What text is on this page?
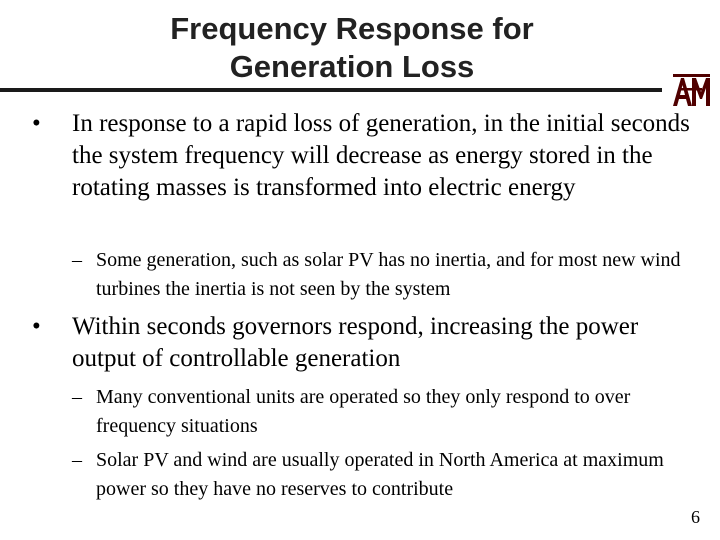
Frequency Response for
Generation Loss
•	In response to a rapid loss of generation, in the initial seconds the system frequency will decrease as energy stored in the rotating masses is transformed into electric energy
– Some generation, such as solar PV has no inertia, and for most new wind turbines the inertia is not seen by the system
•	Within seconds governors respond, increasing the power output of controllable generation
– Many conventional units are operated so they only respond to over frequency situations
– Solar PV and wind are usually operated in North America at maximum power so they have no reserves to contribute
6
